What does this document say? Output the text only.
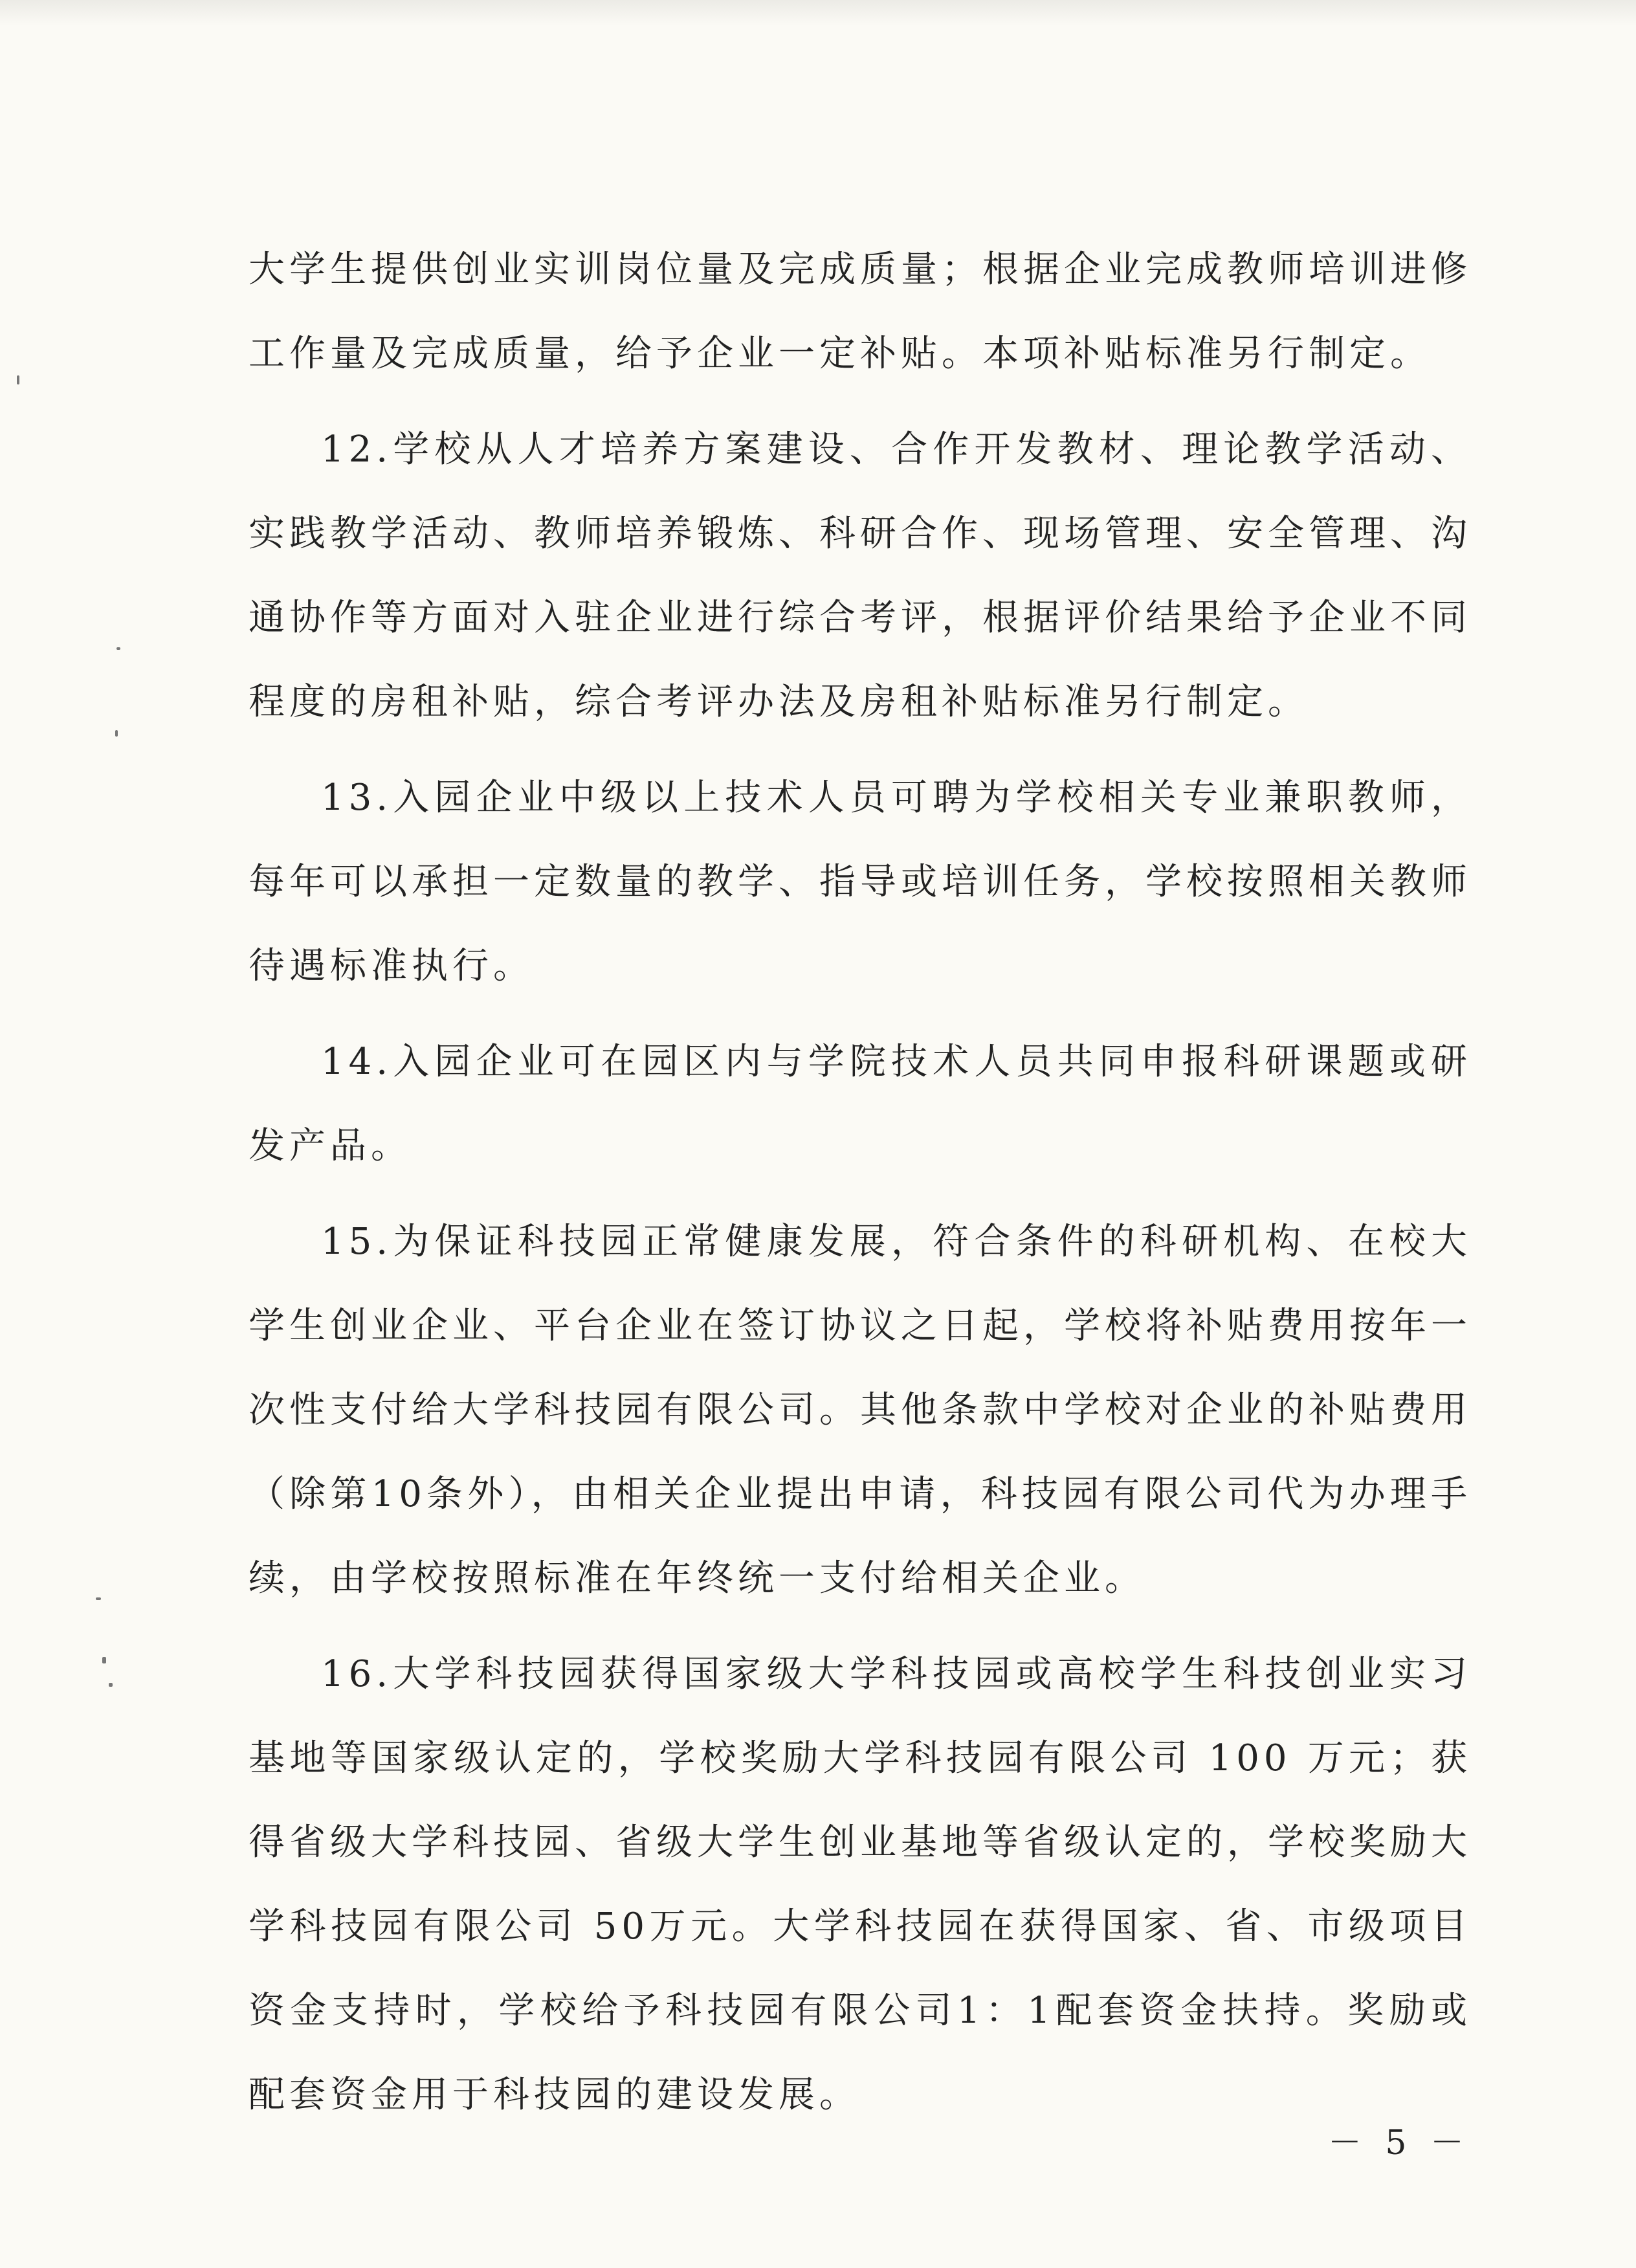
大学生提供创业实训岗位量及完成质量；根据企业完成教师培训进修工作量及完成质量，给予企业一定补贴。本项补贴标准另行制定。

12.学校从人才培养方案建设、合作开发教材、理论教学活动、实践教学活动、教师培养锻炼、科研合作、现场管理、安全管理、沟通协作等方面对入驻企业进行综合考评，根据评价结果给予企业不同程度的房租补贴，综合考评办法及房租补贴标准另行制定。

13.入园企业中级以上技术人员可聘为学校相关专业兼职教师，每年可以承担一定数量的教学、指导或培训任务，学校按照相关教师待遇标准执行。

14.入园企业可在园区内与学院技术人员共同申报科研课题或研发产品。

15.为保证科技园正常健康发展，符合条件的科研机构、在校大学生创业企业、平台企业在签订协议之日起，学校将补贴费用按年一次性支付给大学科技园有限公司。其他条款中学校对企业的补贴费用（除第10条外），由相关企业提出申请，科技园有限公司代为办理手续，由学校按照标准在年终统一支付给相关企业。

16.大学科技园获得国家级大学科技园或高校学生科技创业实习基地等国家级认定的，学校奖励大学科技园有限公司 100 万元；获得省级大学科技园、省级大学生创业基地等省级认定的，学校奖励大学科技园有限公司 50万元。大学科技园在获得国家、省、市级项目资金支持时，学校给予科技园有限公司1：1配套资金扶持。奖励或配套资金用于科技园的建设发展。

－ 5 －
